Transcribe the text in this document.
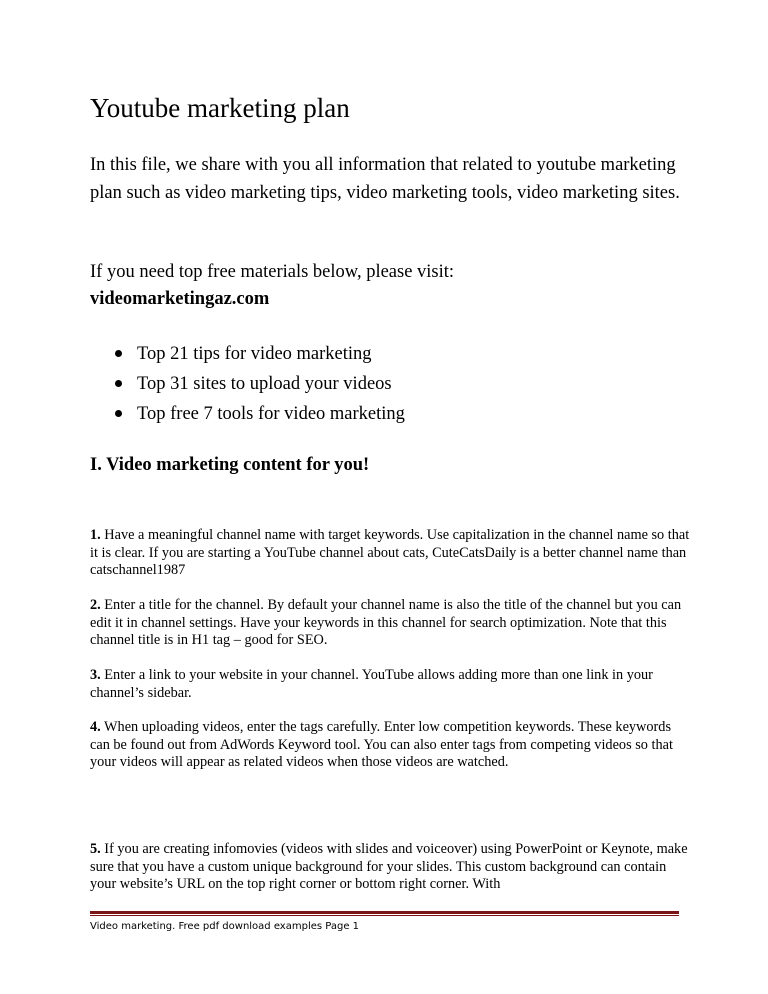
Youtube marketing plan

In this file, we share with you all information that related to youtube marketing plan such as video marketing tips, video marketing tools, video marketing sites.

If you need top free materials below, please visit:

videomarketingaz.com

Top 21 tips for video marketing
Top 31 sites to upload your videos
Top free 7 tools for video marketing
I. Video marketing content for you!

1. Have a meaningful channel name with target keywords. Use capitalization in the channel name so that it is clear. If you are starting a YouTube channel about cats, CuteCatsDaily is a better channel name than catschannel1987

2. Enter a title for the channel. By default your channel name is also the title of the channel but you can edit it in channel settings. Have your keywords in this channel for search optimization. Note that this channel title is in H1 tag – good for SEO.

3. Enter a link to your website in your channel. YouTube allows adding more than one link in your channel’s sidebar.

4. When uploading videos, enter the tags carefully. Enter low competition keywords. These keywords can be found out from AdWords Keyword tool. You can also enter tags from competing videos so that your videos will appear as related videos when those videos are watched.

5. If you are creating infomovies (videos with slides and voiceover) using PowerPoint or Keynote, make sure that you have a custom unique background for your slides. This custom background can contain your website’s URL on the top right corner or bottom right corner. With

Video marketing. Free pdf download examples Page 1
